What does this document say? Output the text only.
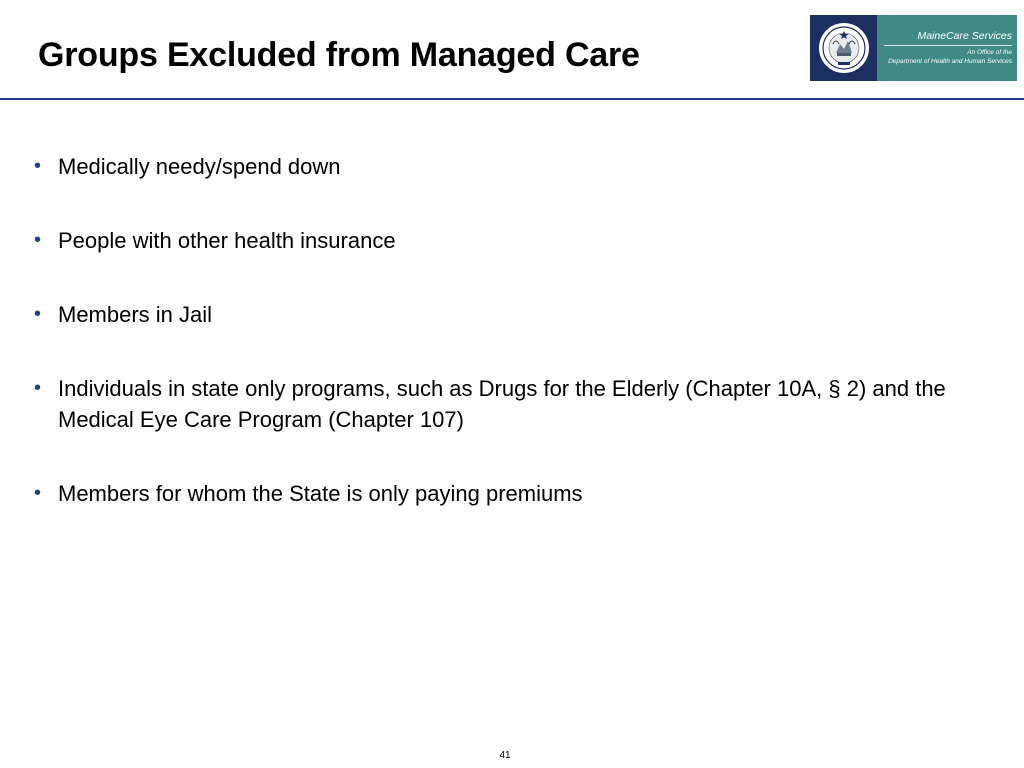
Groups Excluded from Managed Care	MaineCare Services
An Office of the
Department of Health and Human Services
• Medically needy/spend down
• People with other health insurance
• Members in Jail
• Individuals in state only programs, such as Drugs for the Elderly (Chapter 10A, § 2) and the Medical Eye Care Program (Chapter 107)
• Members for whom the State is only paying premiums
41
